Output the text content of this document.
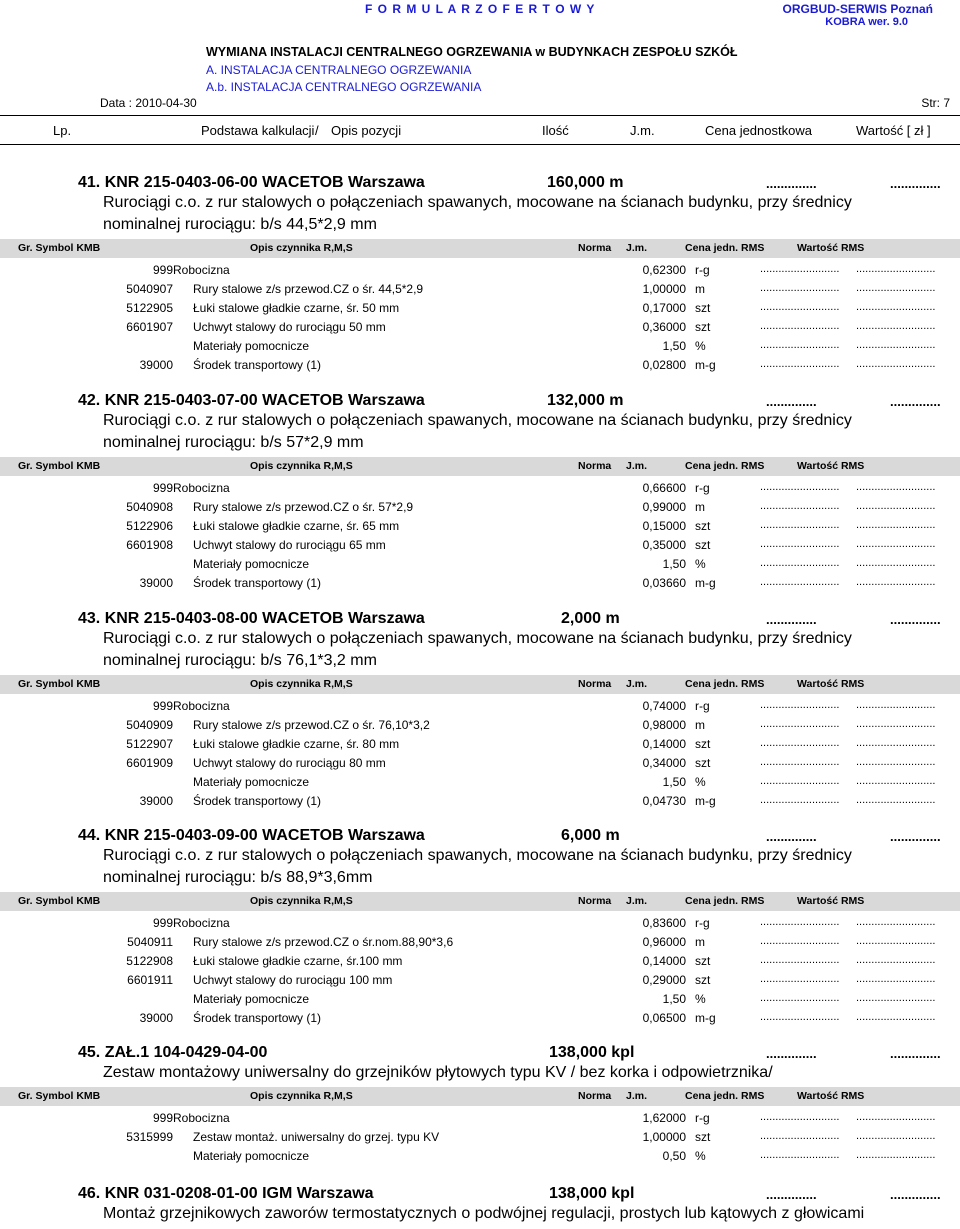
F O R M U L A R Z O F E R T O W Y	ORGBUD-SERWIS Poznań
KOBRA wer. 9.0
WYMIANA INSTALACJI CENTRALNEGO OGRZEWANIA w BUDYNKACH ZESPOŁU SZKÓŁ
A. INSTALACJA CENTRALNEGO OGRZEWANIA
A.b. INSTALACJA CENTRALNEGO OGRZEWANIA
Data : 2010-04-30	Str: 7
Lp.	Podstawa kalkulacji / Opis pozycji	Ilość	J.m.	Cena jednostkowa	Wartość [ zł ]
41. KNR 215-0403-06-00 WACETOB Warszawa	160,000 m	..............	..............
Rurociągi c.o. z rur stalowych o połączeniach spawanych, mocowane na ścianach budynku, przy średnicy
nominalnej rurociągu: b/s 44,5*2,9 mm
Gr. Symbol KMB	Opis czynnika R,M,S	Norma J.m.	Cena jedn. RMS	Wartość RMS
999 Robocizna	0,62300 r-g	.......................... ..........................
5040907 Rury stalowe z/s przewod.CZ o śr. 44,5*2,9	1,00000 m	.......................... ..........................
5122905 Łuki stalowe gładkie czarne, śr. 50 mm	0,17000 szt	.......................... ..........................
6601907 Uchwyt stalowy do rurociągu 50 mm	0,36000 szt	.......................... ..........................
Materiały pomocnicze	1,50 %	.......................... ..........................
39000 Środek transportowy (1)	0,02800 m-g	.......................... ..........................
42. KNR 215-0403-07-00 WACETOB Warszawa	132,000 m	..............	..............
Rurociągi c.o. z rur stalowych o połączeniach spawanych, mocowane na ścianach budynku, przy średnicy
nominalnej rurociągu: b/s 57*2,9 mm
Gr. Symbol KMB	Opis czynnika R,M,S	Norma J.m.	Cena jedn. RMS	Wartość RMS
999 Robocizna	0,66600 r-g	.......................... ..........................
5040908 Rury stalowe z/s przewod.CZ o śr. 57*2,9	0,99000 m	.......................... ..........................
5122906 Łuki stalowe gładkie czarne, śr. 65 mm	0,15000 szt	.......................... ..........................
6601908 Uchwyt stalowy do rurociągu 65 mm	0,35000 szt	.......................... ..........................
Materiały pomocnicze	1,50 %	.......................... ..........................
39000 Środek transportowy (1)	0,03660 m-g	.......................... ..........................
43. KNR 215-0403-08-00 WACETOB Warszawa	2,000 m	..............	..............
Rurociągi c.o. z rur stalowych o połączeniach spawanych, mocowane na ścianach budynku, przy średnicy
nominalnej rurociągu: b/s 76,1*3,2 mm
Gr. Symbol KMB	Opis czynnika R,M,S	Norma J.m.	Cena jedn. RMS	Wartość RMS
999 Robocizna	0,74000 r-g	.......................... ..........................
5040909 Rury stalowe z/s przewod.CZ o śr. 76,10*3,2	0,98000 m	.......................... ..........................
5122907 Łuki stalowe gładkie czarne, śr. 80 mm	0,14000 szt	.......................... ..........................
6601909 Uchwyt stalowy do rurociągu 80 mm	0,34000 szt	.......................... ..........................
Materiały pomocnicze	1,50 %	.......................... ..........................
39000 Środek transportowy (1)	0,04730 m-g	.......................... ..........................
44. KNR 215-0403-09-00 WACETOB Warszawa	6,000 m	..............	..............
Rurociągi c.o. z rur stalowych o połączeniach spawanych, mocowane na ścianach budynku, przy średnicy
nominalnej rurociągu: b/s 88,9*3,6mm
Gr. Symbol KMB	Opis czynnika R,M,S	Norma J.m.	Cena jedn. RMS	Wartość RMS
999 Robocizna	0,83600 r-g	.......................... ..........................
5040911 Rury stalowe z/s przewod.CZ o śr.nom.88,90*3,6	0,96000 m	.......................... ..........................
5122908 Łuki stalowe gładkie czarne, śr.100 mm	0,14000 szt	.......................... ..........................
6601911 Uchwyt stalowy do rurociągu 100 mm	0,29000 szt	.......................... ..........................
Materiały pomocnicze	1,50 %	.......................... ..........................
39000 Środek transportowy (1)	0,06500 m-g	.......................... ..........................
45. ZAŁ.1 104-0429-04-00	138,000 kpl	..............	..............
Zestaw montażowy uniwersalny do grzejników płytowych typu KV / bez korka i odpowietrznika/
Gr. Symbol KMB	Opis czynnika R,M,S	Norma J.m.	Cena jedn. RMS	Wartość RMS
999 Robocizna	1,62000 r-g	.......................... ..........................
5315999 Zestaw montaż. uniwersalny do grzej. typu KV	1,00000 szt	.......................... ..........................
Materiały pomocnicze	0,50 %	.......................... ..........................
46. KNR 031-0208-01-00 IGM Warszawa	138,000 kpl	..............	..............
Montaż grzejnikowych zaworów termostatycznych o podwójnej regulacji, prostych lub kątowych z głowicami
